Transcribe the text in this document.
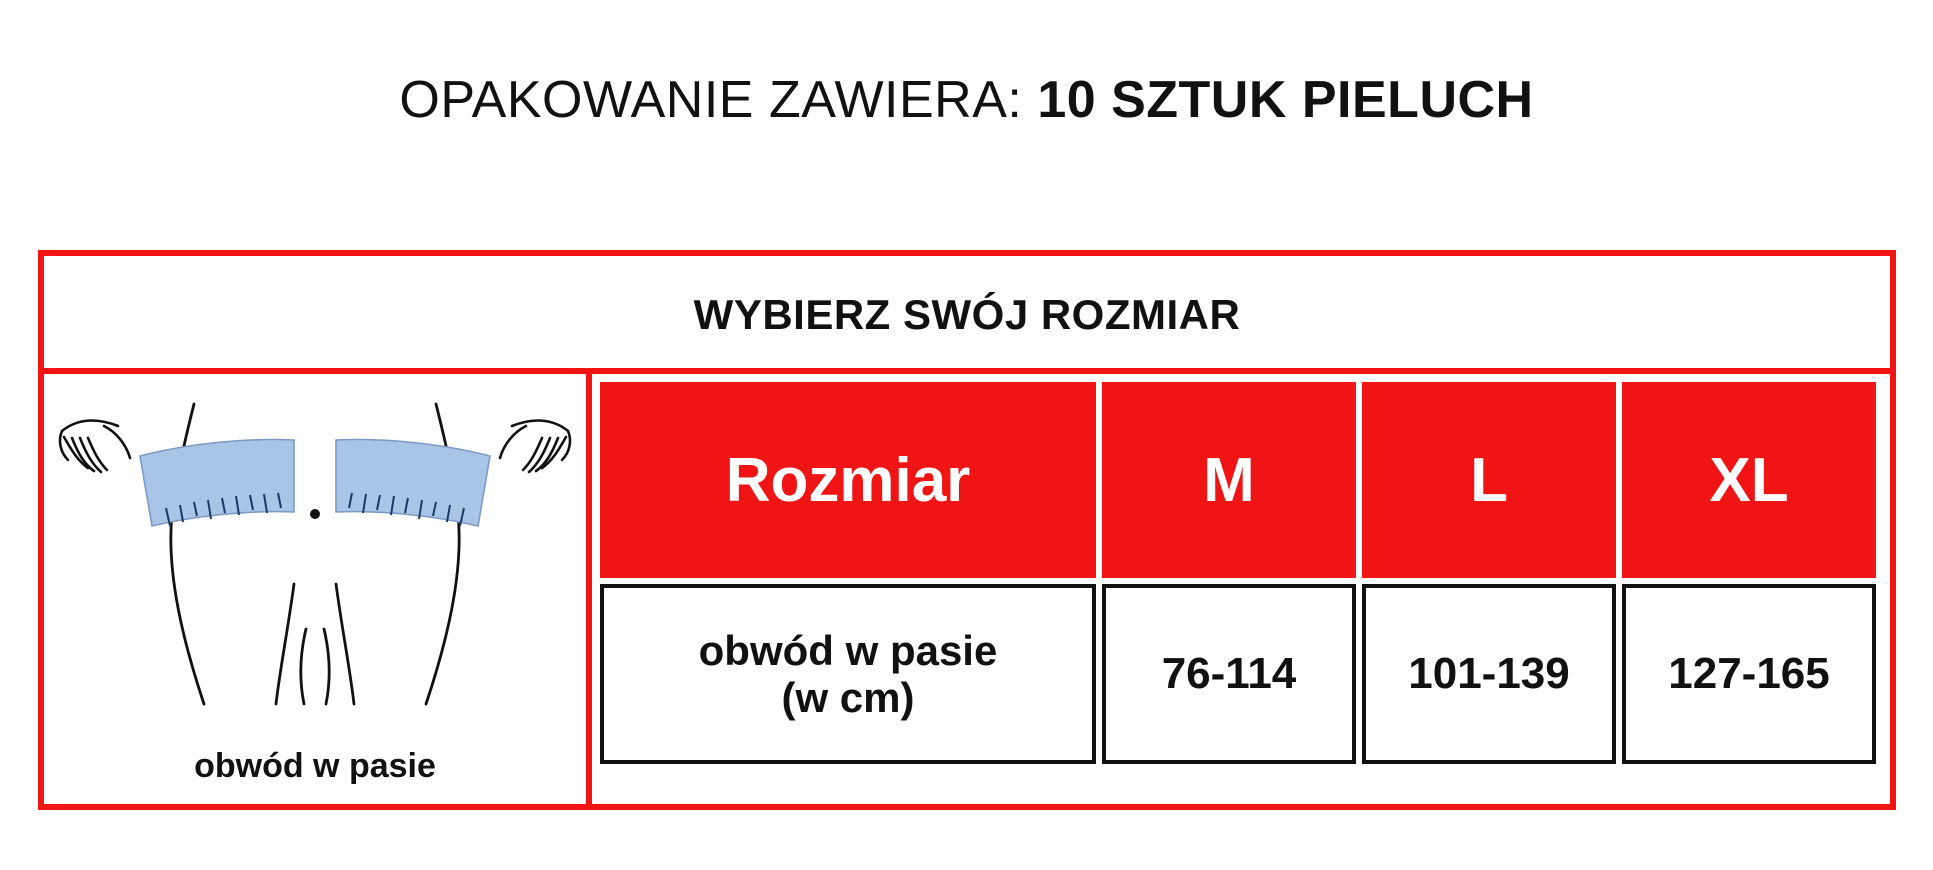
OPAKOWANIE ZAWIERA: 10 SZTUK PIELUCH
WYBIERZ SWÓJ ROZMIAR
obwód w pasie
Rozmiar	M	L	XL
obwód w pasie
(w cm)	76-114	101-139	127-165
